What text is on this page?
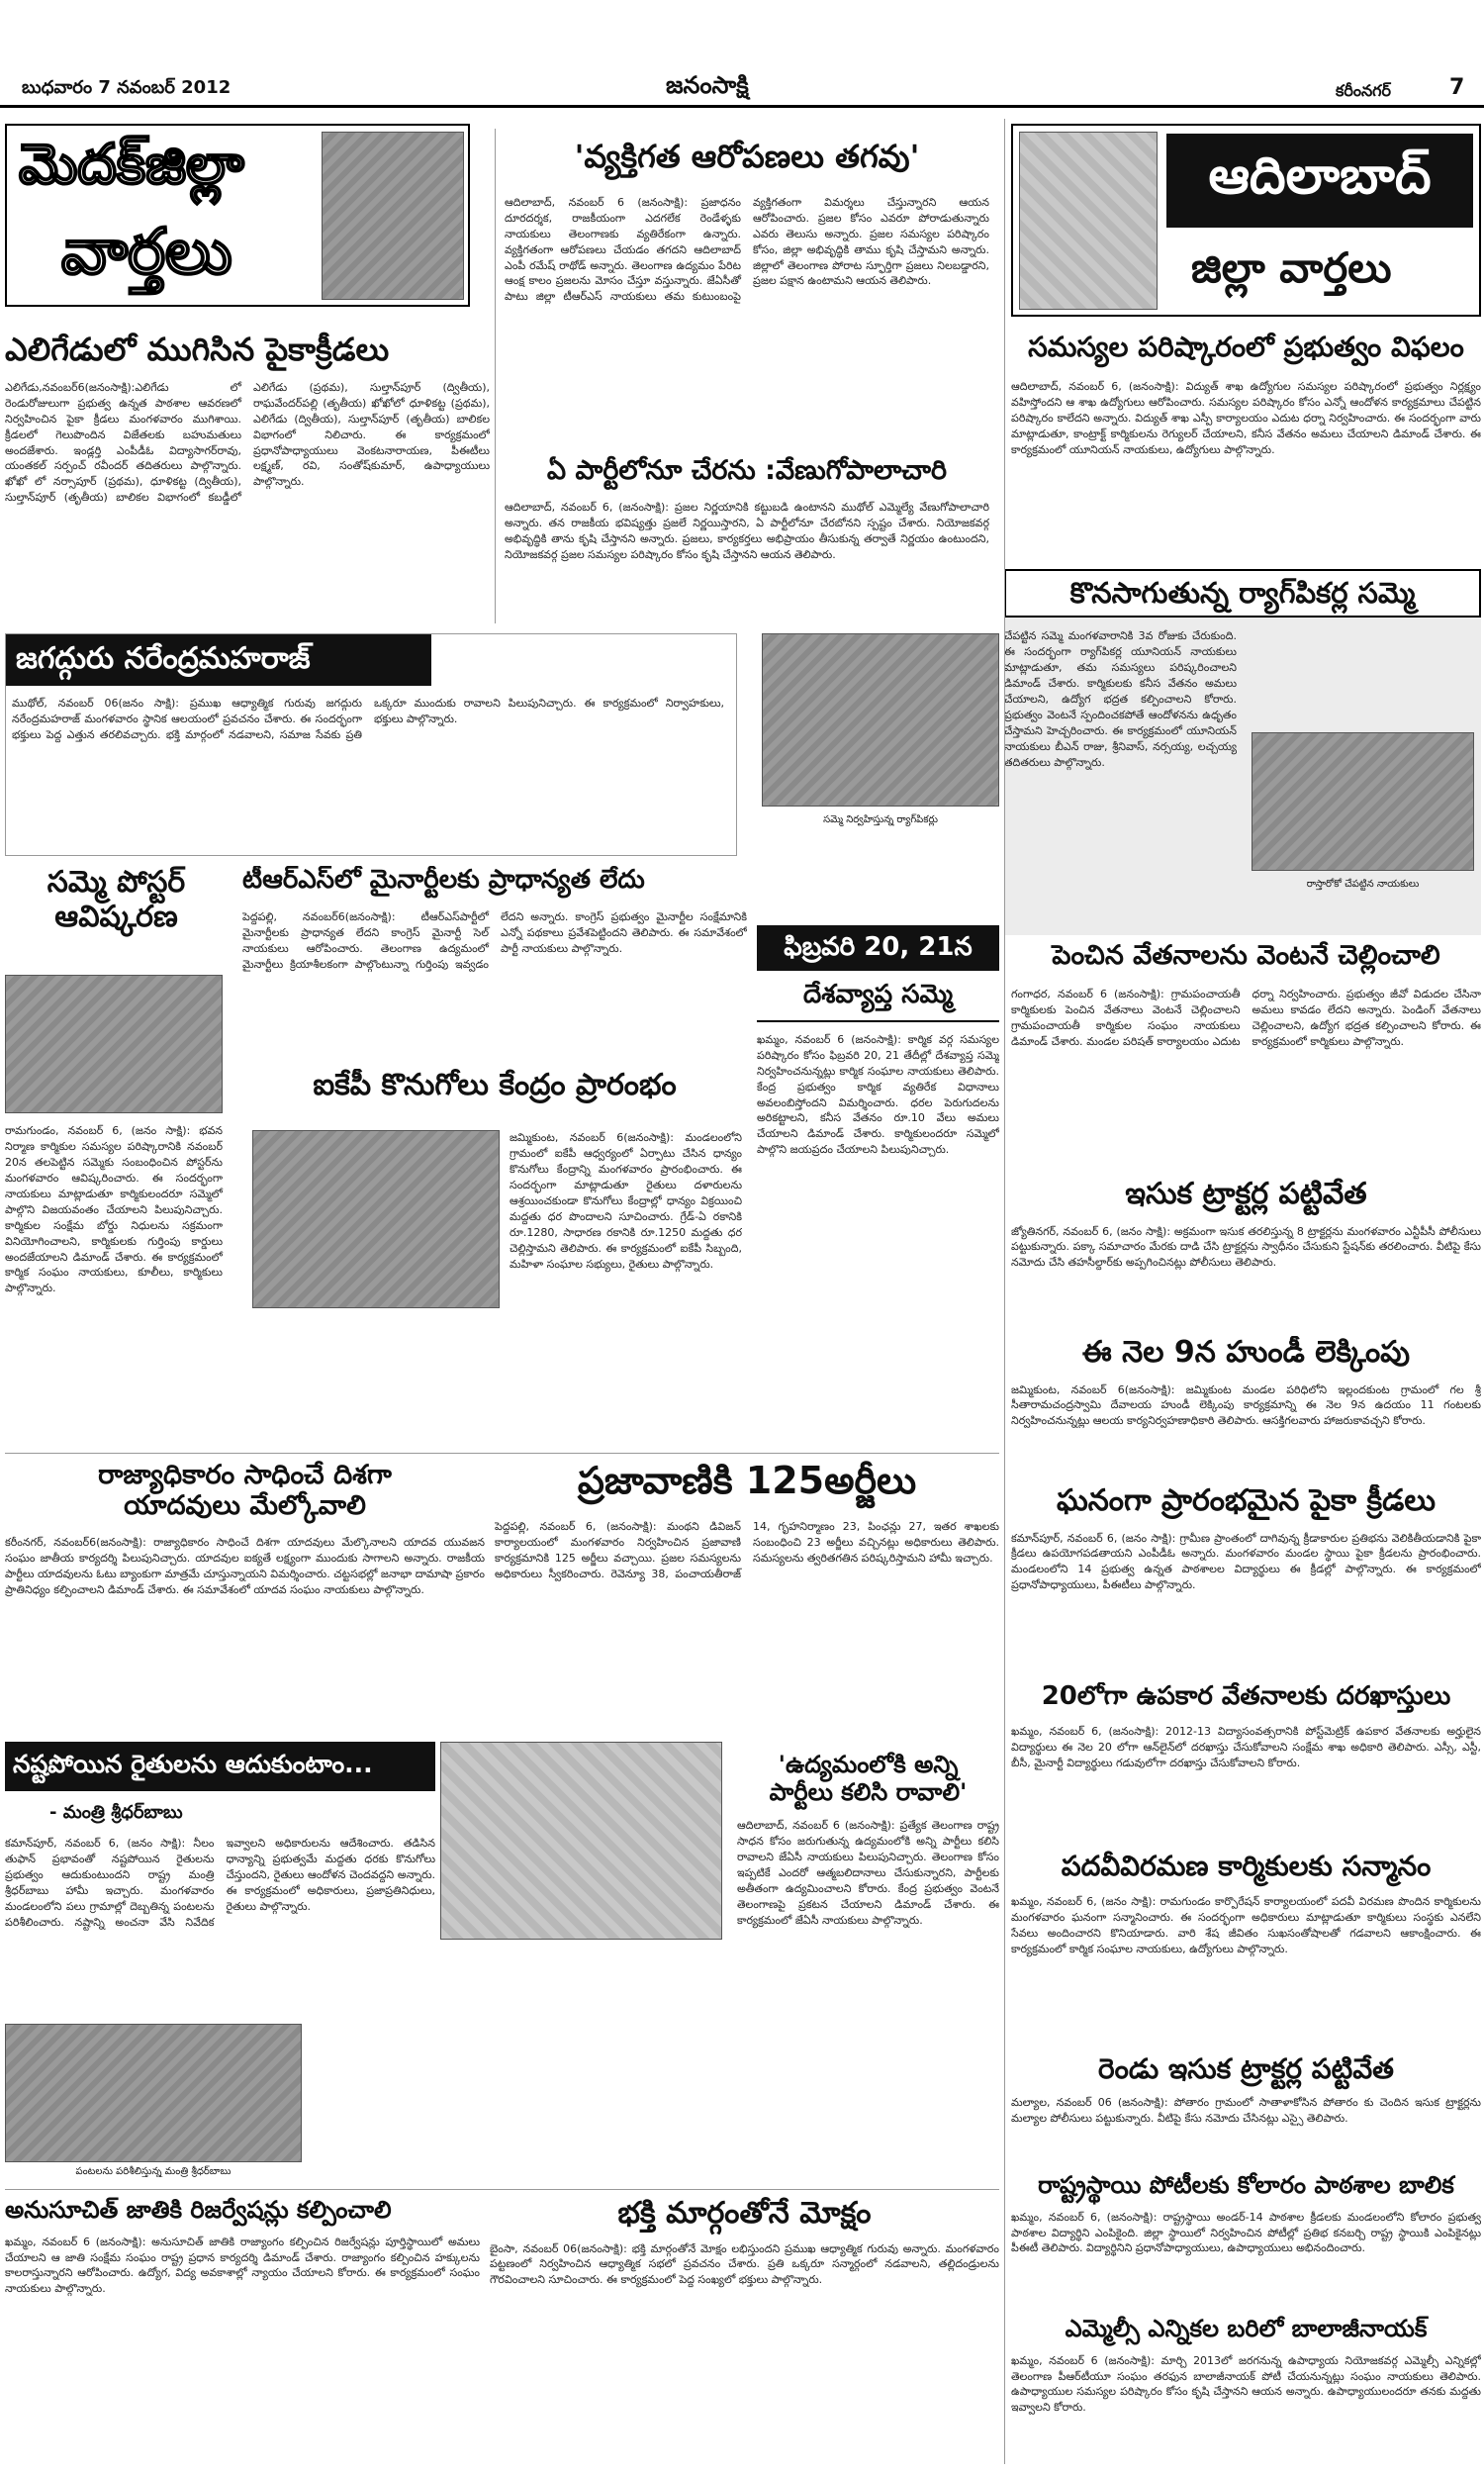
బుధవారం 7 నవంబర్ 2012	జనంసాక్షి	కరీంనగర్	7
మెదక్‌జిల్లా
వార్తలు
ఆదిలాబాద్
జిల్లా వార్తలు
'వ్యక్తిగత ఆరోపణలు తగవు'
ఆదిలాబాద్‌, నవంబర్‌ 6 (జనంసాక్షి): ప్రజాధనం దూరదర్శక, రాజకీయంగా ఎదగలేక రెండేళ్ళకు నాయకులు తెలంగాణకు వ్యతిరేకంగా ఉన్నారు. వ్యక్తిగతంగా ఆరోపణలు చేయడం తగదని ఆదిలాబాద్‌ ఎంపీ రమేష్‌ రాథోడ్‌ అన్నారు. తెలంగాణ ఉద్యమం పేరిట ఆంక్ష కాలం ప్రజలను మోసం చేస్తూ వస్తున్నారు. జేఏసీతో పాటు జిల్లా టీఆర్‌ఎస్‌ నాయకులు తమ కుటుంబంపై వ్యక్తిగతంగా విమర్శలు చేస్తున్నారని ఆయన ఆరోపించారు. ప్రజల కోసం ఎవరూ పోరాడుతున్నారు ఎవరు తెలుసు అన్నారు. ప్రజల సమస్యల పరిష్కారం కోసం, జిల్లా అభివృద్ధికి తాము కృషి చేస్తామని అన్నారు. జిల్లాలో తెలంగాణ పోరాట స్ఫూర్తిగా ప్రజలు నిలబడ్డారని, ప్రజల పక్షాన ఉంటామని ఆయన తెలిపారు.
ఏ పార్టీలోనూ చేరను :వేణుగోపాలాచారి
ఆదిలాబాద్‌, నవంబర్‌ 6, (జనంసాక్షి): ప్రజల నిర్ణయానికి కట్టుబడి ఉంటానని ముథోల్‌ ఎమ్మెల్యే వేణుగోపాలాచారి అన్నారు. తన రాజకీయ భవిష్యత్తు ప్రజలే నిర్ణయిస్తారని, ఏ పార్టీలోనూ చేరబోనని స్పష్టం చేశారు. నియోజకవర్గ అభివృద్ధికి తాను కృషి చేస్తానని అన్నారు. ప్రజలు, కార్యకర్తలు అభిప్రాయం తీసుకున్న తర్వాతే నిర్ణయం ఉంటుందని, నియోజకవర్గ ప్రజల సమస్యల పరిష్కారం కోసం కృషి చేస్తానని ఆయన తెలిపారు.
ఎలిగేడులో ముగిసిన పైకాక్రీడలు
ఎలిగేడు,నవంబర్‌6(జనంసాక్షి):ఎలిగేడు లో రెండురోజులుగా ప్రభుత్వ ఉన్నత పాఠశాల ఆవరణలో నిర్వహించిన పైకా క్రీడలు మంగళవారం ముగిశాయి. క్రీడలలో గెలుపొందిన విజేతలకు బహుమతులు అందజేశారు. ఇండ్లర్తి ఎంపీడీఓ విద్యాసాగర్‌రావు, యంతకల్‌ సర్పంచ్‌ రవీందర్‌ తదితరులు పాల్గొన్నారు. ఖోఖో లో నర్సాపూర్‌ (ప్రథమ), ధూళికట్ట (ద్వితీయ), సుల్తాన్‌పూర్‌ (తృతీయ) బాలికల విభాగంలో కబడ్డీలో ఎలిగేడు (ప్రథమ), సుల్తాన్‌పూర్‌ (ద్వితీయ), రాఘవేందర్‌పల్లి (తృతీయ) ఖోఖోలో ధూళికట్ట (ప్రథమ), ఎలిగేడు (ద్వితీయ), సుల్తాన్‌పూర్‌ (తృతీయ) బాలికల విభాగంలో నిలిచారు. ఈ కార్యక్రమంలో ప్రధానోపాధ్యాయులు వెంకటనారాయణ, పీఈటీలు లక్ష్మణ్‌, రవి, సంతోష్‌కుమార్‌, ఉపాధ్యాయులు పాల్గొన్నారు.
సమస్యల పరిష్కారంలో ప్రభుత్వం విఫలం
ఆదిలాబాద్‌, నవంబర్‌ 6, (జనంసాక్షి): విద్యుత్‌ శాఖ ఉద్యోగుల సమస్యల పరిష్కారంలో ప్రభుత్వం నిర్లక్ష్యం వహిస్తోందని ఆ శాఖ ఉద్యోగులు ఆరోపించారు. సమస్యల పరిష్కారం కోసం ఎన్నో ఆందోళన కార్యక్రమాలు చేపట్టిన పరిష్కారం కాలేదని అన్నారు. విద్యుత్‌ శాఖ ఎస్పీ కార్యాలయం ఎదుట ధర్నా నిర్వహించారు. ఈ సందర్భంగా వారు మాట్లాడుతూ, కాంట్రాక్ట్‌ కార్మికులను రెగ్యులర్‌ చేయాలని, కనీస వేతనం అమలు చేయాలని డిమాండ్‌ చేశారు. ఈ కార్యక్రమంలో యూనియన్‌ నాయకులు, ఉద్యోగులు పాల్గొన్నారు.
కొనసాగుతున్న ర్యాగ్‌పికర్ల సమ్మె
చేపట్టిన సమ్మె మంగళవారానికి 3వ రోజుకు చేరుకుంది. ఈ సందర్భంగా ర్యాగ్‌పికర్ల యూనియన్‌ నాయకులు మాట్లాడుతూ, తమ సమస్యలు పరిష్కరించాలని డిమాండ్‌ చేశారు. కార్మికులకు కనీస వేతనం అమలు చేయాలని, ఉద్యోగ భద్రత కల్పించాలని కోరారు. ప్రభుత్వం వెంటనే స్పందించకపోతే ఆందోళనను ఉధృతం చేస్తామని హెచ్చరించారు. ఈ కార్యక్రమంలో యూనియన్‌ నాయకులు బీఎన్‌ రాజు, శ్రీనివాస్‌, నర్సయ్య, లచ్చయ్య తదితరులు పాల్గొన్నారు.
రాస్తారోకో చేపట్టిన నాయకులు
జగద్గురు నరేంద్రమహరాజ్‌
ముథోల్‌, నవంబర్‌ 06(జనం సాక్షి): ప్రముఖ ఆధ్యాత్మిక గురువు జగద్గురు నరేంద్రమహరాజ్‌ మంగళవారం స్థానిక ఆలయంలో ప్రవచనం చేశారు. ఈ సందర్భంగా భక్తులు పెద్ద ఎత్తున తరలివచ్చారు. భక్తి మార్గంలో నడవాలని, సమాజ సేవకు ప్రతి ఒక్కరూ ముందుకు రావాలని పిలుపునిచ్చారు. ఈ కార్యక్రమంలో నిర్వాహకులు, భక్తులు పాల్గొన్నారు.
సమ్మె నిర్వహిస్తున్న ర్యాగ్‌పికర్లు
సమ్మె పోస్టర్‌ ఆవిష్కరణ
రామగుండం, నవంబర్‌ 6, (జనం సాక్షి): భవన నిర్మాణ కార్మికుల సమస్యల పరిష్కారానికి నవంబర్‌ 20న తలపెట్టిన సమ్మెకు సంబంధించిన పోస్టర్‌ను మంగళవారం ఆవిష్కరించారు. ఈ సందర్భంగా నాయకులు మాట్లాడుతూ కార్మికులందరూ సమ్మెలో పాల్గొని విజయవంతం చేయాలని పిలుపునిచ్చారు. కార్మికుల సంక్షేమ బోర్డు నిధులను సక్రమంగా వినియోగించాలని, కార్మికులకు గుర్తింపు కార్డులు అందజేయాలని డిమాండ్‌ చేశారు. ఈ కార్యక్రమంలో కార్మిక సంఘం నాయకులు, కూలీలు, కార్మికులు పాల్గొన్నారు.
టీఆర్‌ఎస్‌లో మైనార్టీలకు ప్రాధాన్యత లేదు
పెద్దపల్లి, నవంబర్‌6(జనంసాక్షి): టీఆర్‌ఎస్‌పార్టీలో మైనార్టీలకు ప్రాధాన్యత లేదని కాంగ్రెస్‌ మైనార్టీ సెల్‌ నాయకులు ఆరోపించారు. తెలంగాణ ఉద్యమంలో మైనార్టీలు క్రియాశీలకంగా పాల్గొంటున్నా గుర్తింపు ఇవ్వడం లేదని అన్నారు. కాంగ్రెస్‌ ప్రభుత్వం మైనార్టీల సంక్షేమానికి ఎన్నో పథకాలు ప్రవేశపెట్టిందని తెలిపారు. ఈ సమావేశంలో పార్టీ నాయకులు పాల్గొన్నారు.	ఫిబ్రవరి 20, 21న
దేశవ్యాప్త సమ్మె
ఖమ్మం, నవంబర్‌ 6 (జనంసాక్షి): కార్మిక వర్గ సమస్యల పరిష్కారం కోసం ఫిబ్రవరి 20, 21 తేదీల్లో దేశవ్యాప్త సమ్మె నిర్వహించనున్నట్లు కార్మిక సంఘాల నాయకులు తెలిపారు. కేంద్ర ప్రభుత్వం కార్మిక వ్యతిరేక విధానాలు అవలంబిస్తోందని విమర్శించారు. ధరల పెరుగుదలను అరికట్టాలని, కనీస వేతనం రూ.10 వేలు అమలు చేయాలని డిమాండ్‌ చేశారు. కార్మికులందరూ సమ్మెలో పాల్గొని జయప్రదం చేయాలని పిలుపునిచ్చారు.
పెంచిన వేతనాలను వెంటనే చెల్లించాలి
గంగాధర, నవంబర్‌ 6 (జనంసాక్షి): గ్రామపంచాయతీ కార్మికులకు పెంచిన వేతనాలు వెంటనే చెల్లించాలని గ్రామపంచాయతీ కార్మికుల సంఘం నాయకులు డిమాండ్‌ చేశారు. మండల పరిషత్‌ కార్యాలయం ఎదుట ధర్నా నిర్వహించారు. ప్రభుత్వం జీవో విడుదల చేసినా అమలు కావడం లేదని అన్నారు. పెండింగ్‌ వేతనాలు చెల్లించాలని, ఉద్యోగ భద్రత కల్పించాలని కోరారు. ఈ కార్యక్రమంలో కార్మికులు పాల్గొన్నారు.
ఐకేపీ కొనుగోలు కేంద్రం ప్రారంభం
జమ్మికుంట, నవంబర్‌ 6(జనంసాక్షి): మండలంలోని గ్రామంలో ఐకేపీ ఆధ్వర్యంలో ఏర్పాటు చేసిన ధాన్యం కొనుగోలు కేంద్రాన్ని మంగళవారం ప్రారంభించారు. ఈ సందర్భంగా మాట్లాడుతూ రైతులు దళారులను ఆశ్రయించకుండా కొనుగోలు కేంద్రాల్లో ధాన్యం విక్రయించి మద్దతు ధర పొందాలని సూచించారు. గ్రేడ్‌-ఏ రకానికి రూ.1280, సాధారణ రకానికి రూ.1250 మద్దతు ధర చెల్లిస్తామని తెలిపారు. ఈ కార్యక్రమంలో ఐకేపీ సిబ్బంది, మహిళా సంఘాల సభ్యులు, రైతులు పాల్గొన్నారు.
ఇసుక ట్రాక్టర్ల పట్టివేత
జ్యోతినగర్‌, నవంబర్‌ 6, (జనం సాక్షి): అక్రమంగా ఇసుక తరలిస్తున్న 8 ట్రాక్టర్లను మంగళవారం ఎన్టీపీసీ పోలీసులు పట్టుకున్నారు. పక్కా సమాచారం మేరకు దాడి చేసి ట్రాక్టర్లను స్వాధీనం చేసుకుని స్టేషన్‌కు తరలించారు. వీటిపై కేసు నమోదు చేసి తహసీల్దార్‌కు అప్పగించినట్లు పోలీసులు తెలిపారు.
ఈ నెల 9న హుండీ లెక్కింపు
జమ్మికుంట, నవంబర్‌ 6(జనంసాక్షి): జమ్మికుంట మండల పరిధిలోని ఇల్లందకుంట గ్రామంలో గల శ్రీ సీతారామచంద్రస్వామి దేవాలయ హుండీ లెక్కింపు కార్యక్రమాన్ని ఈ నెల 9న ఉదయం 11 గంటలకు నిర్వహించనున్నట్లు ఆలయ కార్యనిర్వహణాధికారి తెలిపారు. ఆసక్తిగలవారు హాజరుకావచ్చని కోరారు.
ఘనంగా ప్రారంభమైన పైకా క్రీడలు
కమాన్‌పూర్‌, నవంబర్‌ 6, (జనం సాక్షి): గ్రామీణ ప్రాంతంలో దాగివున్న క్రీడాకారుల ప్రతిభను వెలికితీయడానికి పైకా క్రీడలు ఉపయోగపడతాయని ఎంపీడీఓ అన్నారు. మంగళవారం మండల స్థాయి పైకా క్రీడలను ప్రారంభించారు. మండలంలోని 14 ప్రభుత్వ ఉన్నత పాఠశాలల విద్యార్థులు ఈ క్రీడల్లో పాల్గొన్నారు. ఈ కార్యక్రమంలో ప్రధానోపాధ్యాయులు, పీఈటీలు పాల్గొన్నారు.
రాజ్యాధికారం సాధించే దిశగా
యాదవులు మేల్కోవాలి
కరీంనగర్‌, నవంబర్‌6(జనంసాక్షి): రాజ్యాధికారం సాధించే దిశగా యాదవులు మేల్కొనాలని యాదవ యువజన సంఘం జాతీయ కార్యదర్శి పిలుపునిచ్చారు. యాదవుల ఐక్యతే లక్ష్యంగా ముందుకు సాగాలని అన్నారు. రాజకీయ పార్టీలు యాదవులను ఓటు బ్యాంకుగా మాత్రమే చూస్తున్నాయని విమర్శించారు. చట్టసభల్లో జనాభా దామాషా ప్రకారం ప్రాతినిధ్యం కల్పించాలని డిమాండ్‌ చేశారు. ఈ సమావేశంలో యాదవ సంఘం నాయకులు పాల్గొన్నారు.
ప్రజావాణికి 125అర్జీలు
పెద్దపల్లి, నవంబర్‌ 6, (జనంసాక్షి): మంథని డివిజన్‌ కార్యాలయంలో మంగళవారం నిర్వహించిన ప్రజావాణి కార్యక్రమానికి 125 అర్జీలు వచ్చాయి. ప్రజల సమస్యలను అధికారులు స్వీకరించారు. రెవెన్యూ 38, పంచాయతీరాజ్‌ 14, గృహనిర్మాణం 23, పింఛన్లు 27, ఇతర శాఖలకు సంబంధించి 23 అర్జీలు వచ్చినట్లు అధికారులు తెలిపారు. సమస్యలను త్వరితగతిన పరిష్కరిస్తామని హామీ ఇచ్చారు.
20లోగా ఉపకార వేతనాలకు దరఖాస్తులు
ఖమ్మం, నవంబర్‌ 6, (జనంసాక్షి): 2012-13 విద్యాసంవత్సరానికి పోస్ట్‌మెట్రిక్‌ ఉపకార వేతనాలకు అర్హులైన విద్యార్థులు ఈ నెల 20 లోగా ఆన్‌లైన్‌లో దరఖాస్తు చేసుకోవాలని సంక్షేమ శాఖ అధికారి తెలిపారు. ఎస్సీ, ఎస్టీ, బీసీ, మైనార్టీ విద్యార్థులు గడువులోగా దరఖాస్తు చేసుకోవాలని కోరారు.
నష్టపోయిన రైతులను ఆదుకుంటాం...
- మంత్రి శ్రీధర్‌బాబు
కమాన్‌పూర్‌, నవంబర్‌ 6, (జనం సాక్షి): నీలం తుఫాన్‌ ప్రభావంతో నష్టపోయిన రైతులను ప్రభుత్వం ఆదుకుంటుందని రాష్ట్ర మంత్రి శ్రీధర్‌బాబు హామీ ఇచ్చారు. మంగళవారం మండలంలోని పలు గ్రామాల్లో దెబ్బతిన్న పంటలను పరిశీలించారు. నష్టాన్ని అంచనా వేసి నివేదిక ఇవ్వాలని అధికారులను ఆదేశించారు. తడిసిన ధాన్యాన్ని ప్రభుత్వమే మద్దతు ధరకు కొనుగోలు చేస్తుందని, రైతులు ఆందోళన చెందవద్దని అన్నారు. ఈ కార్యక్రమంలో అధికారులు, ప్రజాప్రతినిధులు, రైతులు పాల్గొన్నారు.
పంటలను పరిశీలిస్తున్న మంత్రి శ్రీధర్‌బాబు
'ఉద్యమంలోకి అన్ని
పార్టీలు కలిసి రావాలి'
ఆదిలాబాద్‌, నవంబర్‌ 6 (జనంసాక్షి): ప్రత్యేక తెలంగాణ రాష్ట్ర సాధన కోసం జరుగుతున్న ఉద్యమంలోకి అన్ని పార్టీలు కలిసి రావాలని జేఏసీ నాయకులు పిలుపునిచ్చారు. తెలంగాణ కోసం ఇప్పటికే ఎందరో ఆత్మబలిదానాలు చేసుకున్నారని, పార్టీలకు అతీతంగా ఉద్యమించాలని కోరారు. కేంద్ర ప్రభుత్వం వెంటనే తెలంగాణపై ప్రకటన చేయాలని డిమాండ్‌ చేశారు. ఈ కార్యక్రమంలో జేఏసీ నాయకులు పాల్గొన్నారు.
పదవీవిరమణ కార్మికులకు సన్మానం
ఖమ్మం, నవంబర్‌ 6, (జనం సాక్షి): రామగుండం కార్పొరేషన్‌ కార్యాలయంలో పదవీ విరమణ పొందిన కార్మికులను మంగళవారం ఘనంగా సన్మానించారు. ఈ సందర్భంగా అధికారులు మాట్లాడుతూ కార్మికులు సంస్థకు ఎనలేని సేవలు అందించారని కొనియాడారు. వారి శేష జీవితం సుఖసంతోషాలతో గడవాలని ఆకాంక్షించారు. ఈ కార్యక్రమంలో కార్మిక సంఘాల నాయకులు, ఉద్యోగులు పాల్గొన్నారు.
రెండు ఇసుక ట్రాక్టర్ల పట్టివేత
మల్యాల, నవంబర్‌ 06 (జనంసాక్షి): పోతారం గ్రామంలో సాతాళాకోసిన పోతారం కు చెందిన ఇసుక ట్రాక్టర్లను మల్యాల పోలీసులు పట్టుకున్నారు. వీటిపై కేసు నమోదు చేసినట్లు ఎస్సై తెలిపారు.
రాష్ట్రస్థాయి పోటీలకు కోలారం పాఠశాల బాలిక
ఖమ్మం, నవంబర్‌ 6, (జనంసాక్షి): రాష్ట్రస్థాయి అండర్‌-14 పాఠశాల క్రీడలకు మండలంలోని కోలారం ప్రభుత్వ పాఠశాల విద్యార్థిని ఎంపికైంది. జిల్లా స్థాయిలో నిర్వహించిన పోటీల్లో ప్రతిభ కనబర్చి రాష్ట్ర స్థాయికి ఎంపికైనట్లు పీఈటీ తెలిపారు. విద్యార్థినిని ప్రధానోపాధ్యాయులు, ఉపాధ్యాయులు అభినందించారు.
అనుసూచిత్‌ జాతికి రిజర్వేషన్లు కల్పించాలి
ఖమ్మం, నవంబర్‌ 6 (జనంసాక్షి): అనుసూచిత్‌ జాతికి రాజ్యాంగం కల్పించిన రిజర్వేషన్లు పూర్తిస్థాయిలో అమలు చేయాలని ఆ జాతి సంక్షేమ సంఘం రాష్ట్ర ప్రధాన కార్యదర్శి డిమాండ్‌ చేశారు. రాజ్యాంగం కల్పించిన హక్కులను కాలరాస్తున్నారని ఆరోపించారు. ఉద్యోగ, విద్య అవకాశాల్లో న్యాయం చేయాలని కోరారు. ఈ కార్యక్రమంలో సంఘం నాయకులు పాల్గొన్నారు.
భక్తి మార్గంతోనే మోక్షం
బైంసా, నవంబర్‌ 06(జనంసాక్షి): భక్తి మార్గంతోనే మోక్షం లభిస్తుందని ప్రముఖ ఆధ్యాత్మిక గురువు అన్నారు. మంగళవారం పట్టణంలో నిర్వహించిన ఆధ్యాత్మిక సభలో ప్రవచనం చేశారు. ప్రతి ఒక్కరూ సన్మార్గంలో నడవాలని, తల్లిదండ్రులను గౌరవించాలని సూచించారు. ఈ కార్యక్రమంలో పెద్ద సంఖ్యలో భక్తులు పాల్గొన్నారు.
ఎమ్మెల్సీ ఎన్నికల బరిలో బాలాజీనాయక్‌
ఖమ్మం, నవంబర్‌ 6 (జనంసాక్షి): మార్చి 2013లో జరగనున్న ఉపాధ్యాయ నియోజకవర్గ ఎమ్మెల్సీ ఎన్నికల్లో తెలంగాణ పీఆర్‌టీయూ సంఘం తరఫున బాలాజీనాయక్‌ పోటీ చేయనున్నట్లు సంఘం నాయకులు తెలిపారు. ఉపాధ్యాయుల సమస్యల పరిష్కారం కోసం కృషి చేస్తానని ఆయన అన్నారు. ఉపాధ్యాయులందరూ తనకు మద్దతు ఇవ్వాలని కోరారు.
